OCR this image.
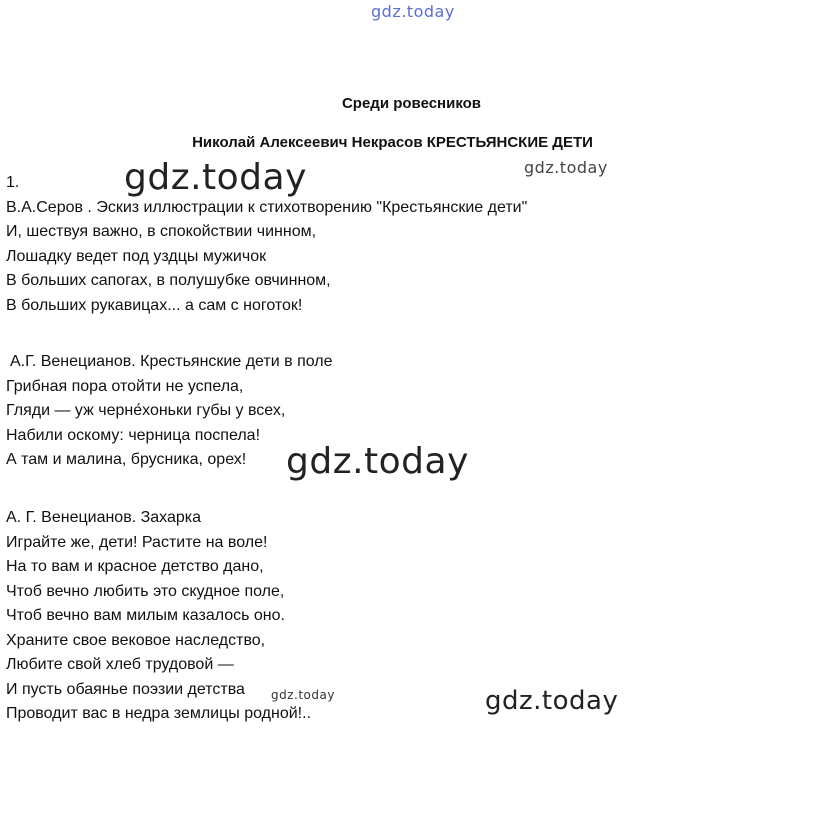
gdz.today
Среди ровесников
Николай Алексеевич Некрасов КРЕСТЬЯНСКИЕ ДЕТИ
1.
В.А.Серов . Эскиз иллюстрации к стихотворению "Крестьянские дети"
И, шествуя важно, в спокойствии чинном,
Лошадку ведет под уздцы мужичок
В больших сапогах, в полушубке овчинном,
В больших рукавицах... а сам с ноготок!
А.Г. Венецианов. Крестьянские дети в поле
Грибная пора отойти не успела,
Гляди — уж черне́хоньки губы у всех,
Набили оскому: черница поспела!
А там и малина, брусника, орех!
А. Г. Венецианов. Захарка
Играйте же, дети! Растите на воле!
На то вам и красное детство дано,
Чтоб вечно любить это скудное поле,
Чтоб вечно вам милым казалось оно.
Храните свое вековое наследство,
Любите свой хлеб трудовой —
И пусть обаянье поэзии детства
Проводит вас в недра землицы родной!..
gdz.today	gdz.today
gdz.today
gdz.today	gdz.today
